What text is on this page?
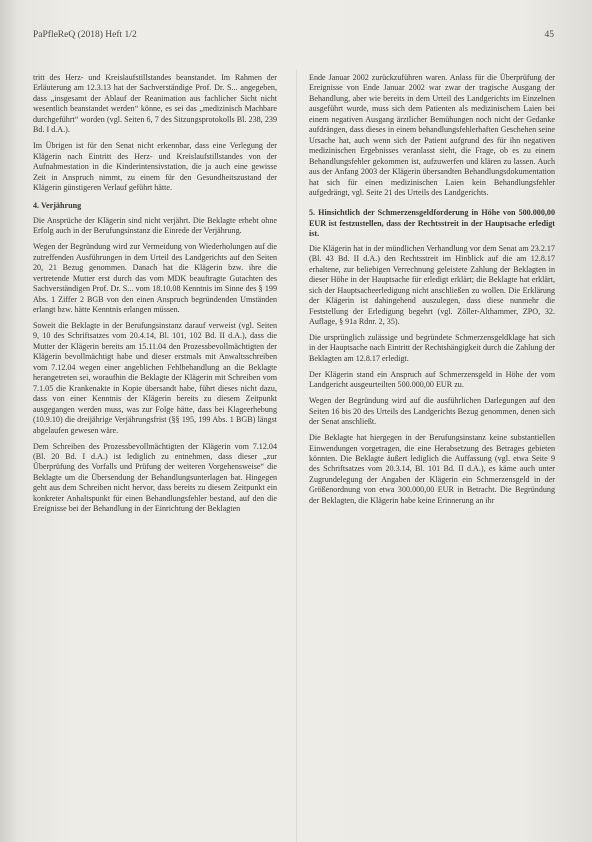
PaPfleReQ (2018) Heft 1/2	45

tritt des Herz- und Kreislaufstillstandes beanstandet. Im Rahmen der Erläuterung am 12.3.13 hat der Sachverständige Prof. Dr. S... angegeben, dass „insgesamt der Ablauf der Reanimation aus fachlicher Sicht nicht wesentlich beanstandet werden“ könne, es sei das „medizinisch Machbare durchgeführt“ worden (vgl. Seiten 6, 7 des Sitzungsprotokolls Bl. 238, 239 Bd. I d.A.).

Im Übrigen ist für den Senat nicht erkennbar, dass eine Verlegung der Klägerin nach Eintritt des Herz- und Kreislaufstillstandes von der Aufnahmestation in die Kinderintensivstation, die ja auch eine gewisse Zeit in Anspruch nimmt, zu einem für den Gesundheitszustand der Klägerin günstigeren Verlauf geführt hätte.

4. Verjährung

Die Ansprüche der Klägerin sind nicht verjährt. Die Beklagte erhebt ohne Erfolg auch in der Berufungsinstanz die Einrede der Verjährung.

Wegen der Begründung wird zur Vermeidung von Wiederholungen auf die zutreffenden Ausführungen in dem Urteil des Landgerichts auf den Seiten 20, 21 Bezug genommen. Danach hat die Klägerin bzw. ihre die vertretende Mutter erst durch das vom MDK beauftragte Gutachten des Sachverständigen Prof. Dr. S... vom 18.10.08 Kenntnis im Sinne des § 199 Abs. 1 Ziffer 2 BGB von den einen Anspruch begründenden Umständen erlangt bzw. hätte Kenntnis erlangen müssen.

Soweit die Beklagte in der Berufungsinstanz darauf verweist (vgl. Seiten 9, 10 des Schriftsatzes vom 20.4.14, Bl. 101, 102 Bd. II d.A.), dass die Mutter der Klägerin bereits am 15.11.04 den Prozessbevollmächtigten der Klägerin bevollmächtigt habe und dieser erstmals mit Anwaltsschreiben vom 7.12.04 wegen einer angeblichen Fehlbehandlung an die Beklagte herangetreten sei, woraufhin die Beklagte der Klägerin mit Schreiben vom 7.1.05 die Krankenakte in Kopie übersandt habe, führt dieses nicht dazu, dass von einer Kenntnis der Klägerin bereits zu diesem Zeitpunkt ausgegangen werden muss, was zur Folge hätte, dass bei Klageerhebung (10.9.10) die dreijährige Verjährungsfrist (§§ 195, 199 Abs. 1 BGB) längst abgelaufen gewesen wäre.

Dem Schreiben des Prozessbevollmächtigten der Klägerin vom 7.12.04 (Bl. 20 Bd. I d.A.) ist lediglich zu entnehmen, dass dieser „zur Überprüfung des Vorfalls und Prüfung der weiteren Vorgehensweise“ die Beklagte um die Übersendung der Behandlungsunterlagen bat. Hingegen geht aus dem Schreiben nicht hervor, dass bereits zu diesem Zeitpunkt ein konkreter Anhaltspunkt für einen Behandlungsfehler bestand, auf den die Ereignisse bei der Behandlung in der Einrichtung der Beklagten

Ende Januar 2002 zurückzuführen waren. Anlass für die Überprüfung der Ereignisse von Ende Januar 2002 war zwar der tragische Ausgang der Behandlung, aber wie bereits in dem Urteil des Landgerichts im Einzelnen ausgeführt wurde, muss sich dem Patienten als medizinischem Laien bei einem negativen Ausgang ärztlicher Bemühungen noch nicht der Gedanke aufdrängen, dass dieses in einem behandlungsfehlerhaften Geschehen seine Ursache hat, auch wenn sich der Patient aufgrund des für ihn negativen medizinischen Ergebnisses veranlasst sieht, die Frage, ob es zu einem Behandlungsfehler gekommen ist, aufzuwerfen und klären zu lassen. Auch aus der Anfang 2003 der Klägerin übersandten Behandlungsdokumentation hat sich für einen medizinischen Laien kein Behandlungsfehler aufgedrängt, vgl. Seite 21 des Urteils des Landgerichts.

5. Hinsichtlich der Schmerzensgeldforderung in Höhe von 500.000,00 EUR ist festzustellen, dass der Rechtsstreit in der Hauptsache erledigt ist.

Die Klägerin hat in der mündlichen Verhandlung vor dem Senat am 23.2.17 (Bl. 43 Bd. II d.A.) den Rechtsstreit im Hinblick auf die am 12.8.17 erhaltene, zur beliebigen Verrechnung geleistete Zahlung der Beklagten in dieser Höhe in der Hauptsache für erledigt erklärt; die Beklagte hat erklärt, sich der Hauptsacheerledigung nicht anschließen zu wollen. Die Erklärung der Klägerin ist dahingehend auszulegen, dass diese nunmehr die Feststellung der Erledigung begehrt (vgl. Zöller-Althammer, ZPO, 32. Auflage, § 91a Rdnr. 2, 35).

Die ursprünglich zulässige und begründete Schmerzensgeldklage hat sich in der Hauptsache nach Eintritt der Rechtshängigkeit durch die Zahlung der Beklagten am 12.8.17 erledigt.

Der Klägerin stand ein Anspruch auf Schmerzensgeld in Höhe der vom Landgericht ausgeurteilten 500.000,00 EUR zu.

Wegen der Begründung wird auf die ausführlichen Darlegungen auf den Seiten 16 bis 20 des Urteils des Landgerichts Bezug genommen, denen sich der Senat anschließt.

Die Beklagte hat hiergegen in der Berufungsinstanz keine substantiellen Einwendungen vorgetragen, die eine Herabsetzung des Betrages gebieten könnten. Die Beklagte äußert lediglich die Auffassung (vgl. etwa Seite 9 des Schriftsatzes vom 20.3.14, Bl. 101 Bd. II d.A.), es käme auch unter Zugrundelegung der Angaben der Klägerin ein Schmerzensgeld in der Größenordnung von etwa 300.000,00 EUR in Betracht. Die Begründung der Beklagten, die Klägerin habe keine Erinnerung an ihr
